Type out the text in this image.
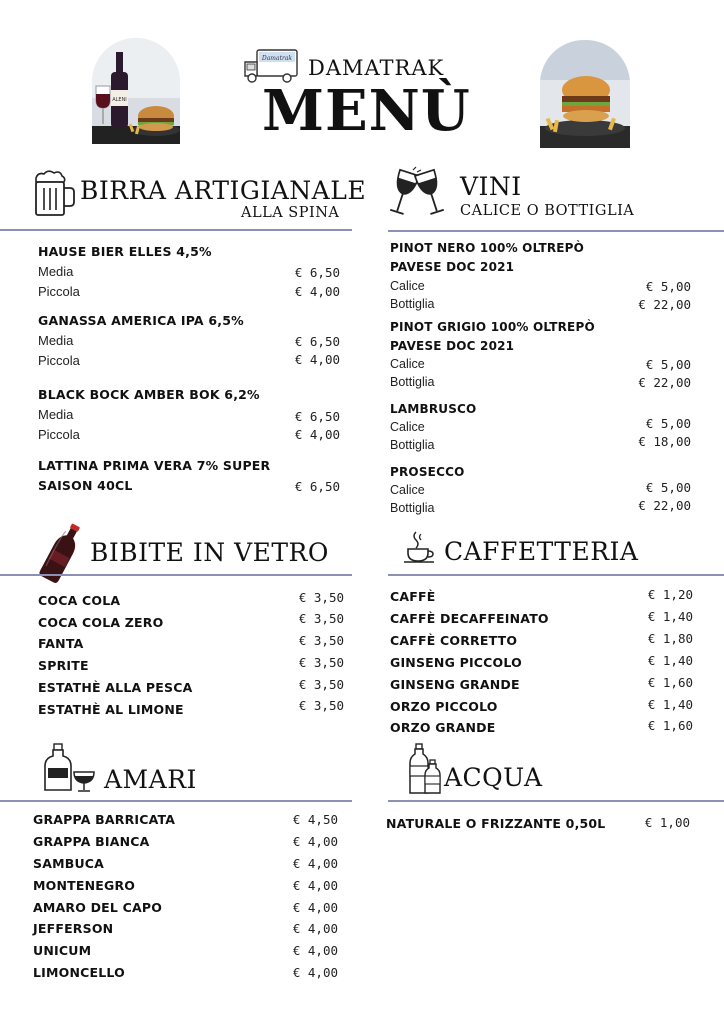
ALENI
Damatrak DAMATRAK
MENÙ
BIRRA ARTIGIANALE
ALLA SPINA
HAUSE BIER ELLES 4,5%
Media	€ 6,50
Piccola	€ 4,00
GANASSA AMERICA IPA 6,5%
Media	€ 6,50
Piccola	€ 4,00
BLACK BOCK AMBER BOK 6,2%
Media	€ 6,50
Piccola	€ 4,00
LATTINA PRIMA VERA 7% SUPER
SAISON 40CL	€ 6,50
VINI
CALICE O BOTTIGLIA
PINOT NERO 100% OLTREPÒ
PAVESE DOC 2021
Calice	€ 5,00
Bottiglia	€ 22,00
PINOT GRIGIO 100% OLTREPÒ
PAVESE DOC 2021
Calice	€ 5,00
Bottiglia	€ 22,00
LAMBRUSCO
Calice	€ 5,00
Bottiglia	€ 18,00
PROSECCO
Calice	€ 5,00
Bottiglia	€ 22,00
BIBITE IN VETRO
COCA COLA	€ 3,50
COCA COLA ZERO	€ 3,50
FANTA	€ 3,50
SPRITE	€ 3,50
ESTATHÈ ALLA PESCA	€ 3,50
ESTATHÈ AL LIMONE	€ 3,50
CAFFETTERIA
CAFFÈ	€ 1,20
CAFFÈ DECAFFEINATO	€ 1,40
CAFFÈ CORRETTO	€ 1,80
GINSENG PICCOLO	€ 1,40
GINSENG GRANDE	€ 1,60
ORZO PICCOLO	€ 1,40
ORZO GRANDE	€ 1,60
AMARI
GRAPPA BARRICATA	€ 4,50
GRAPPA BIANCA	€ 4,00
SAMBUCA	€ 4,00
MONTENEGRO	€ 4,00
AMARO DEL CAPO	€ 4,00
JEFFERSON	€ 4,00
UNICUM	€ 4,00
LIMONCELLO	€ 4,00
ACQUA
NATURALE O FRIZZANTE 0,50L	€ 1,00
